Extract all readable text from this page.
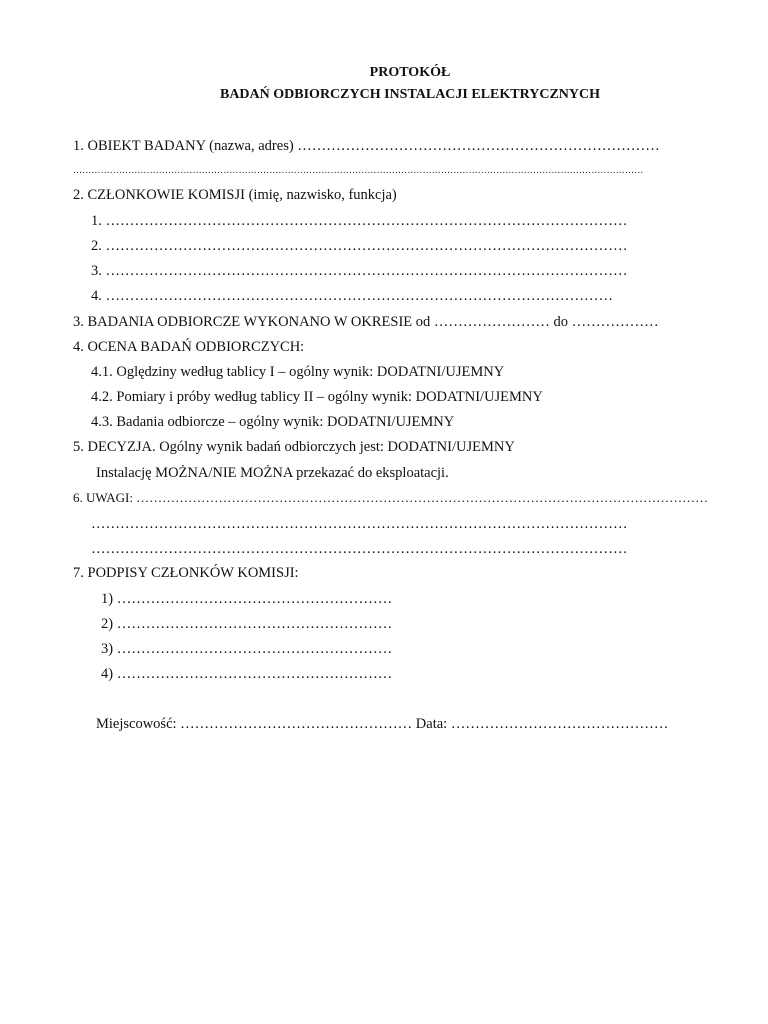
PROTOKÓŁ
BADAŃ ODBIORCZYCH INSTALACJI ELEKTRYCZNYCH
1. OBIEKT BADANY (nazwa, adres) …………………………………………………………………
……………………………………………………………………………………………………………………………………………………………………
2. CZŁONKOWIE KOMISJI (imię, nazwisko, funkcja)
1. ………………………………………………………………………………………………
2. ………………………………………………………………………………………………
3. ………………………………………………………………………………………………
4. ……………………………………………………………………………………………
3. BADANIA ODBIORCZE WYKONANO W OKRESIE od …………………… do ………………
4. OCENA BADAŃ ODBIORCZYCH:
4.1. Oględziny według tablicy I – ogólny wynik: DODATNI/UJEMNY
4.2. Pomiary i próby według tablicy II – ogólny wynik: DODATNI/UJEMNY
4.3. Badania odbiorcze – ogólny wynik: DODATNI/UJEMNY
5. DECYZJA. Ogólny wynik badań odbiorczych jest: DODATNI/UJEMNY
Instalację MOŻNA/NIE MOŻNA przekazać do eksploatacji.
6. UWAGI: ……………………………………………………………………………………………………………………
…………………………………………………………………………………………………
…………………………………………………………………………………………………
7. PODPISY CZŁONKÓW KOMISJI:
1) …………………………………………………
2) …………………………………………………
3) …………………………………………………
4) …………………………………………………
Miejscowość: ………………………………………… Data: ………………………………………
